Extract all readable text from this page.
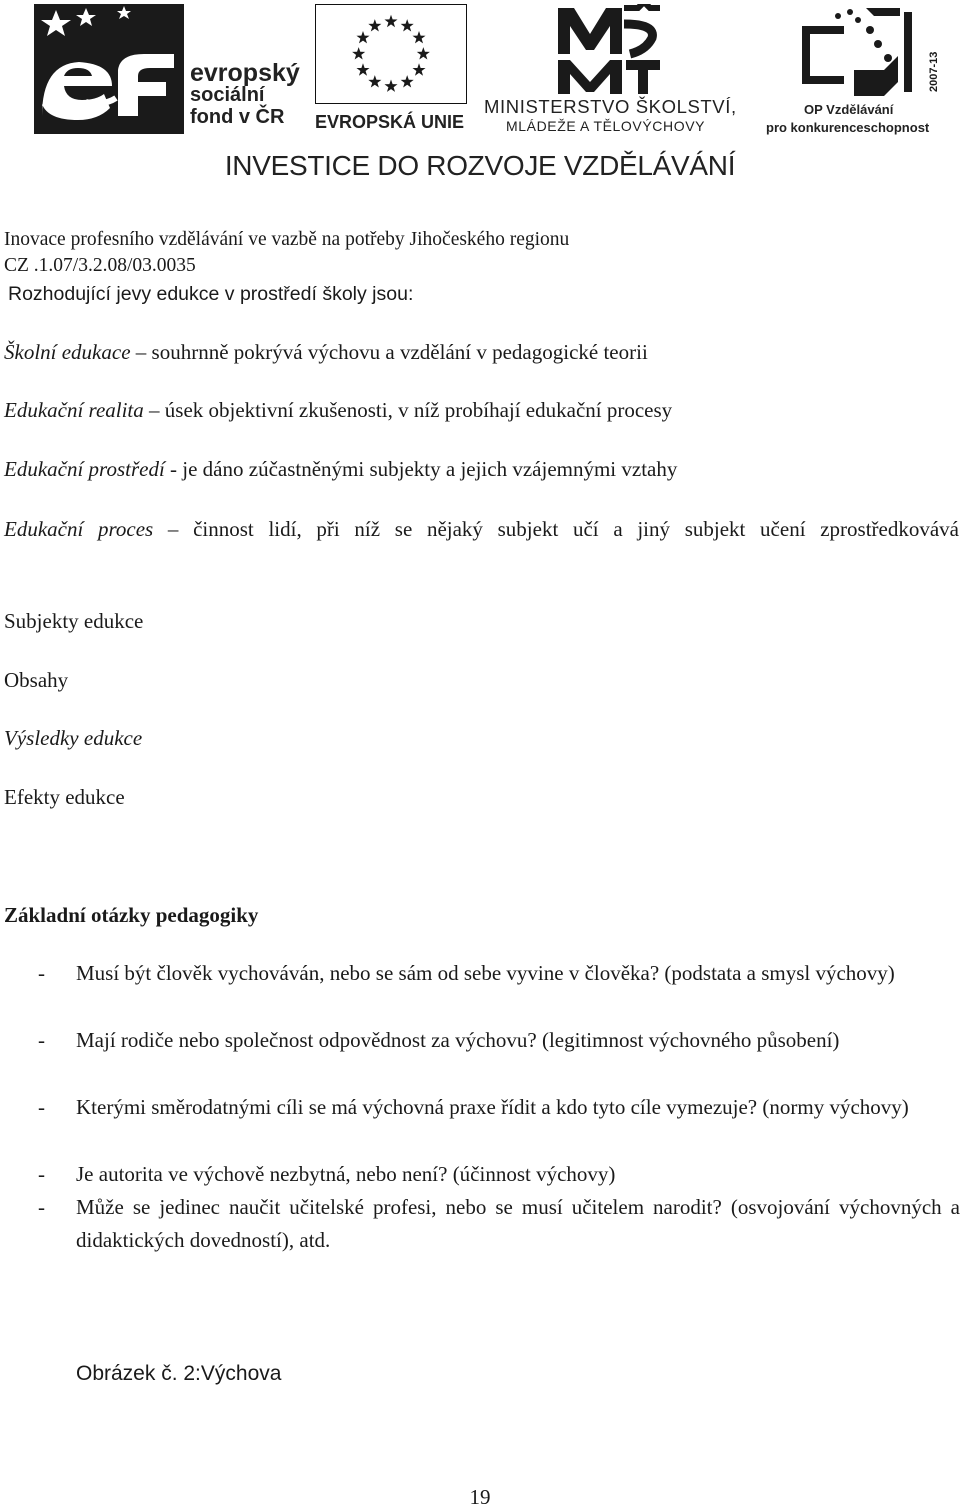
evropský
sociální
fond v ČR	EVROPSKÁ UNIE
MINISTERSTVO ŠKOLSTVÍ,
MLÁDEŽE A TĚLOVÝCHOVY
2007-13
OP Vzdělávání
pro konkurenceschopnost
INVESTICE DO ROZVOJE VZDĚLÁVÁNÍ
Inovace profesního vzdělávání ve vazbě na potřeby Jihočeského regionu
CZ .1.07/3.2.08/03.0035
Rozhodující jevy edukce v prostředí školy jsou:
Školní edukace – souhrnně pokrývá výchovu a vzdělání v pedagogické teorii
Edukační realita – úsek objektivní zkušenosti, v níž probíhají edukační procesy
Edukační prostředí - je dáno zúčastněnými subjekty a jejich vzájemnými vztahy
Edukační proces – činnost lidí, při níž se nějaký subjekt učí a jiný subjekt učení zprostředkovává
Subjekty edukce
Obsahy
Výsledky edukce
Efekty edukce
Základní otázky pedagogiky
- Musí být člověk vychováván, nebo se sám od sebe vyvine v člověka? (podstata a smysl výchovy)
- Mají rodiče nebo společnost odpovědnost za výchovu? (legitimnost výchovného působení)
- Kterými směrodatnými cíli se má výchovná praxe řídit a kdo tyto cíle vymezuje? (normy výchovy)
- Je autorita ve výchově nezbytná, nebo není? (účinnost výchovy)
- Může se jedinec naučit učitelské profesi, nebo se musí učitelem narodit? (osvojování výchovných a didaktických dovedností), atd.
Obrázek č. 2:Výchova
19
